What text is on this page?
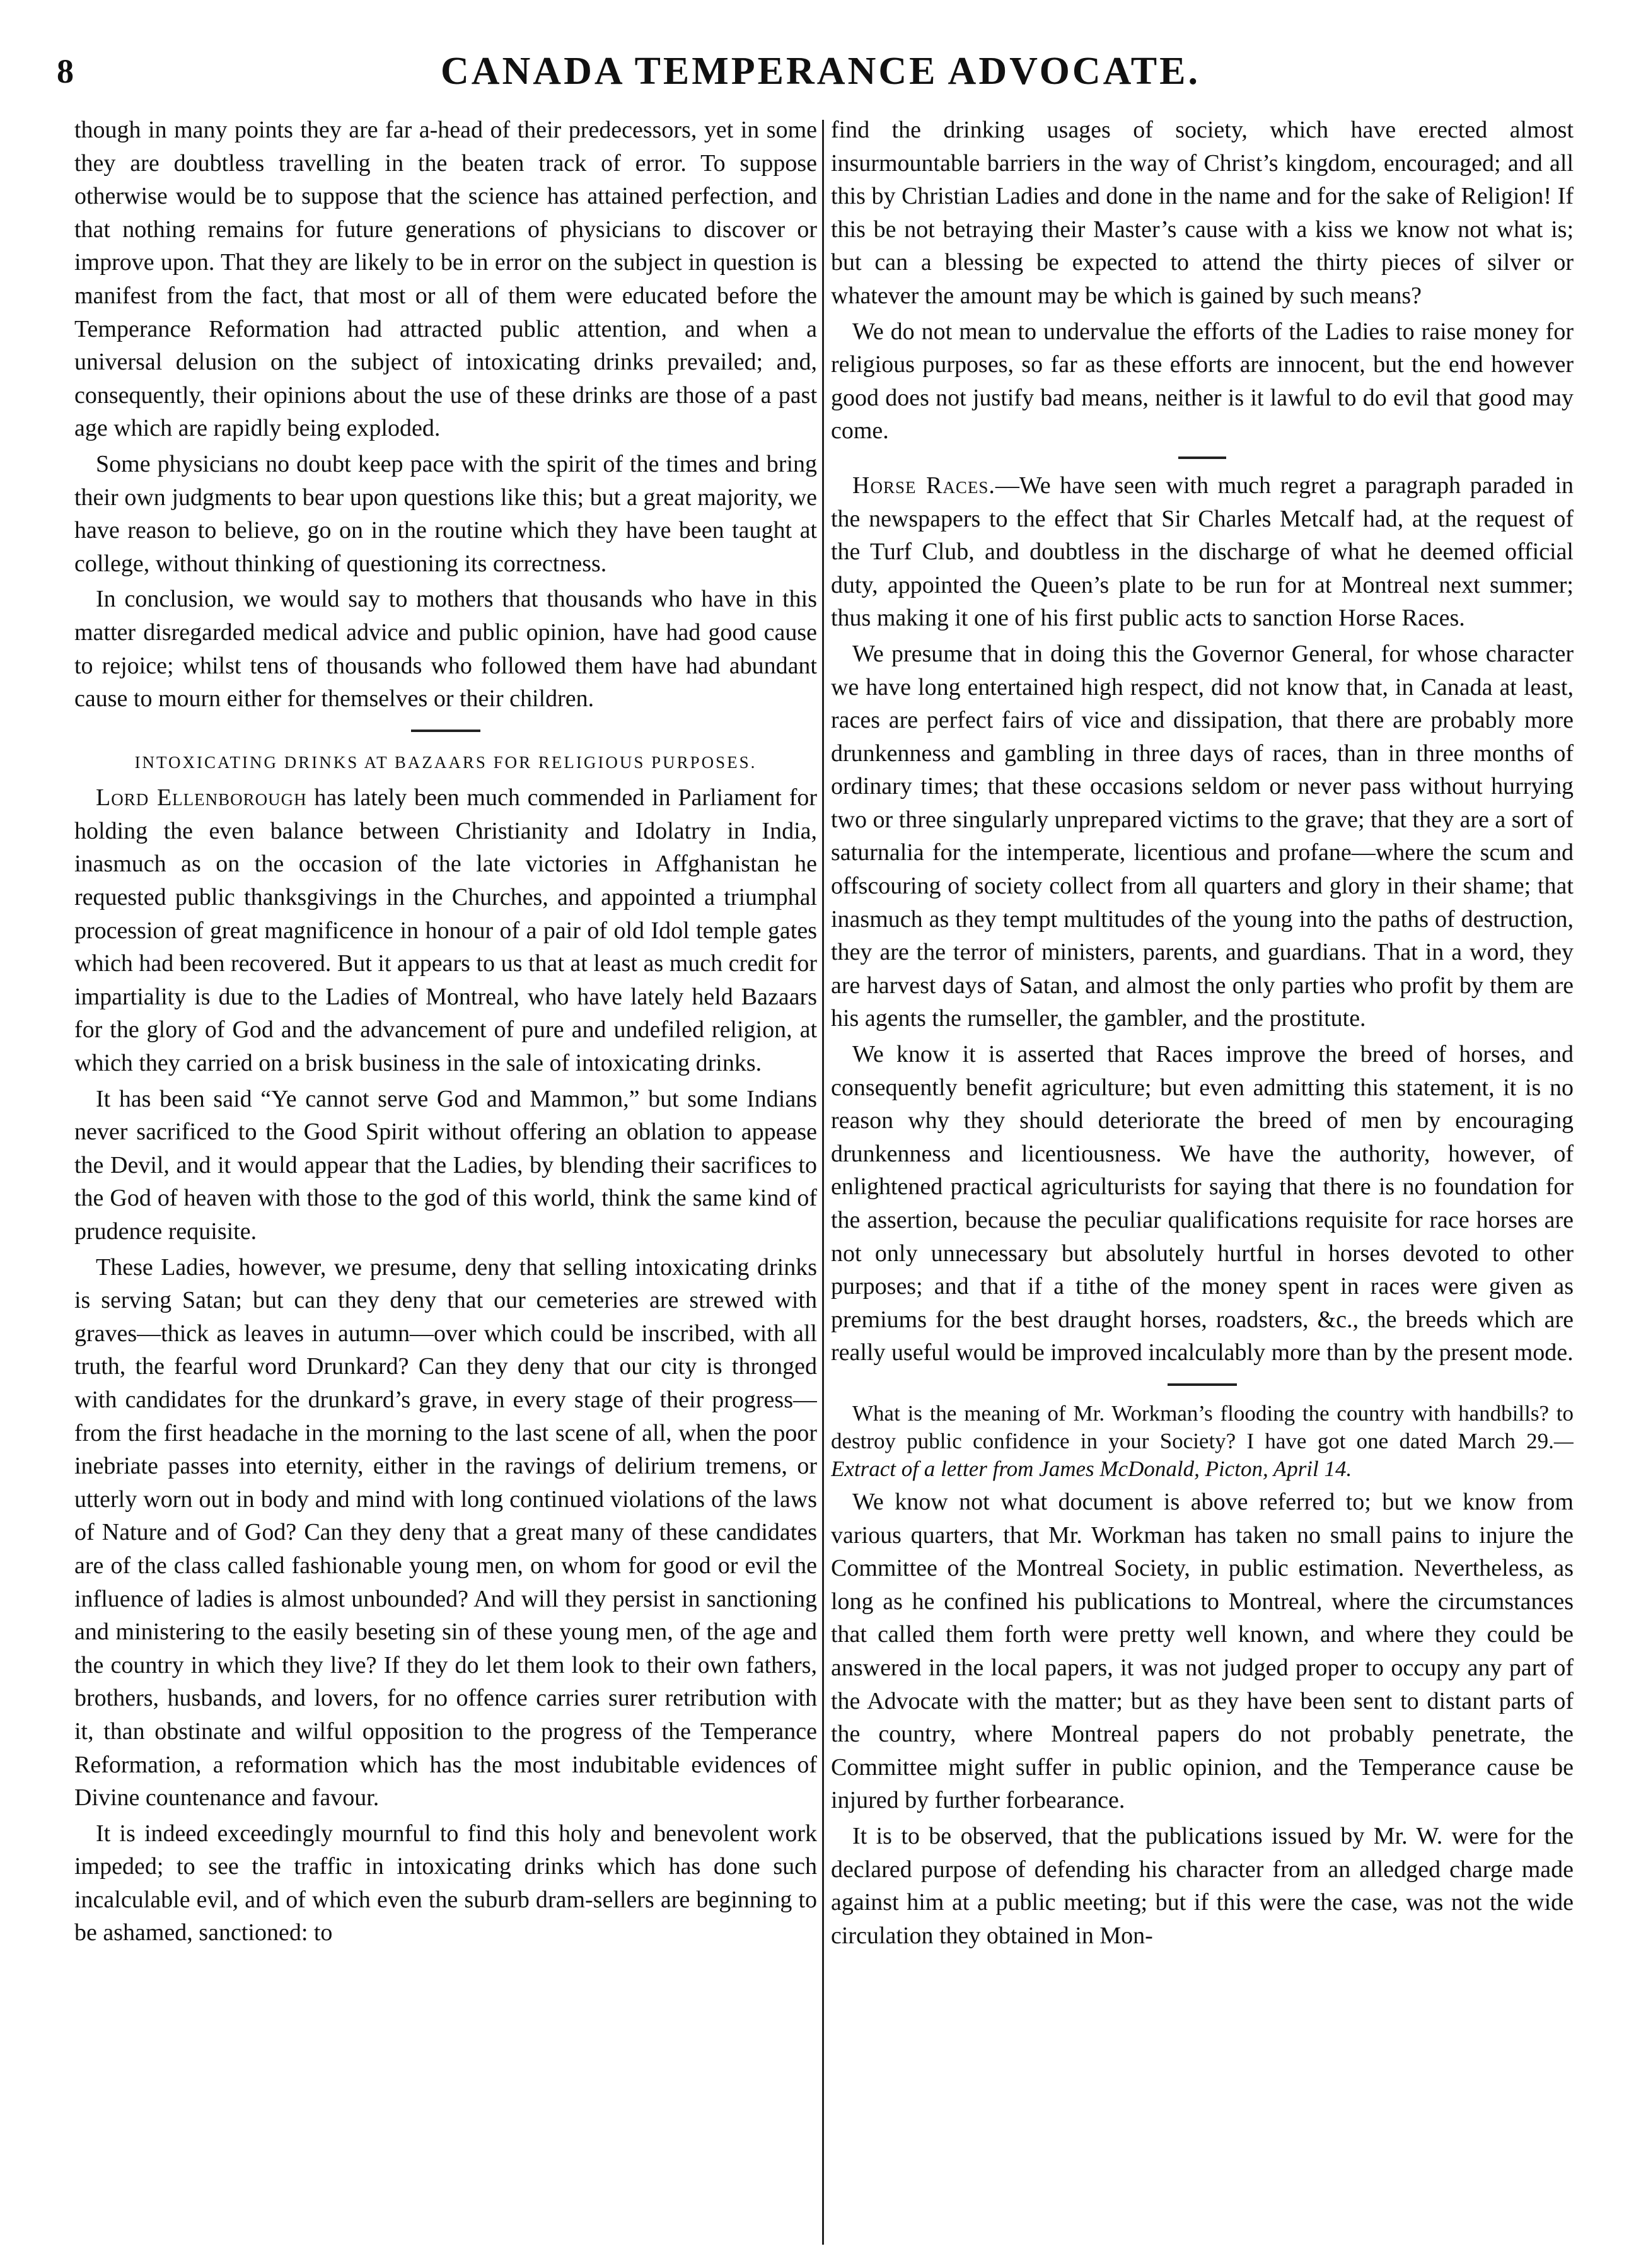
8	CANADA TEMPERANCE ADVOCATE.

though in many points they are far a-head of their predecessors, yet in some they are doubtless travelling in the beaten track of error. To suppose otherwise would be to suppose that the science has attained perfection, and that nothing remains for future generations of physicians to discover or improve upon. That they are likely to be in error on the subject in question is manifest from the fact, that most or all of them were educated before the Temperance Reformation had attracted public attention, and when a universal delusion on the subject of intoxicating drinks prevailed; and, consequently, their opinions about the use of these drinks are those of a past age which are rapidly being exploded.

Some physicians no doubt keep pace with the spirit of the times and bring their own judgments to bear upon questions like this; but a great majority, we have reason to believe, go on in the routine which they have been taught at college, without thinking of questioning its correctness.

In conclusion, we would say to mothers that thousands who have in this matter disregarded medical advice and public opinion, have had good cause to rejoice; whilst tens of thousands who followed them have had abundant cause to mourn either for themselves or their children.

INTOXICATING DRINKS AT BAZAARS FOR RELIGIOUS PURPOSES.

Lord Ellenborough has lately been much commended in Parliament for holding the even balance between Christianity and Idolatry in India, inasmuch as on the occasion of the late victories in Affghanistan he requested public thanksgivings in the Churches, and appointed a triumphal procession of great magnificence in honour of a pair of old Idol temple gates which had been recovered. But it appears to us that at least as much credit for impartiality is due to the Ladies of Montreal, who have lately held Bazaars for the glory of God and the advancement of pure and undefiled religion, at which they carried on a brisk business in the sale of intoxicating drinks.

It has been said “Ye cannot serve God and Mammon,” but some Indians never sacrificed to the Good Spirit without offering an oblation to appease the Devil, and it would appear that the Ladies, by blending their sacrifices to the God of heaven with those to the god of this world, think the same kind of prudence requisite.

These Ladies, however, we presume, deny that selling intoxicating drinks is serving Satan; but can they deny that our cemeteries are strewed with graves—thick as leaves in autumn—over which could be inscribed, with all truth, the fearful word Drunkard? Can they deny that our city is thronged with candidates for the drunkard’s grave, in every stage of their progress—from the first headache in the morning to the last scene of all, when the poor inebriate passes into eternity, either in the ravings of delirium tremens, or utterly worn out in body and mind with long continued violations of the laws of Nature and of God? Can they deny that a great many of these candidates are of the class called fashionable young men, on whom for good or evil the influence of ladies is almost unbounded? And will they persist in sanctioning and ministering to the easily beseting sin of these young men, of the age and the country in which they live? If they do let them look to their own fathers, brothers, husbands, and lovers, for no offence carries surer retribution with it, than obstinate and wilful opposition to the progress of the Temperance Reformation, a reformation which has the most indubitable evidences of Divine countenance and favour.

It is indeed exceedingly mournful to find this holy and benevolent work impeded; to see the traffic in intoxicating drinks which has done such incalculable evil, and of which even the suburb dram-sellers are beginning to be ashamed, sanctioned: to

find the drinking usages of society, which have erected almost insurmountable barriers in the way of Christ’s kingdom, encouraged; and all this by Christian Ladies and done in the name and for the sake of Religion! If this be not betraying their Master’s cause with a kiss we know not what is; but can a blessing be expected to attend the thirty pieces of silver or whatever the amount may be which is gained by such means?

We do not mean to undervalue the efforts of the Ladies to raise money for religious purposes, so far as these efforts are innocent, but the end however good does not justify bad means, neither is it lawful to do evil that good may come.

Horse Races.—We have seen with much regret a paragraph paraded in the newspapers to the effect that Sir Charles Metcalf had, at the request of the Turf Club, and doubtless in the discharge of what he deemed official duty, appointed the Queen’s plate to be run for at Montreal next summer; thus making it one of his first public acts to sanction Horse Races.

We presume that in doing this the Governor General, for whose character we have long entertained high respect, did not know that, in Canada at least, races are perfect fairs of vice and dissipation, that there are probably more drunkenness and gambling in three days of races, than in three months of ordinary times; that these occasions seldom or never pass without hurrying two or three singularly unprepared victims to the grave; that they are a sort of saturnalia for the intemperate, licentious and profane—where the scum and offscouring of society collect from all quarters and glory in their shame; that inasmuch as they tempt multitudes of the young into the paths of destruction, they are the terror of ministers, parents, and guardians. That in a word, they are harvest days of Satan, and almost the only parties who profit by them are his agents the rumseller, the gambler, and the prostitute.

We know it is asserted that Races improve the breed of horses, and consequently benefit agriculture; but even admitting this statement, it is no reason why they should deteriorate the breed of men by encouraging drunkenness and licentiousness. We have the authority, however, of enlightened practical agriculturists for saying that there is no foundation for the assertion, because the peculiar qualifications requisite for race horses are not only unnecessary but absolutely hurtful in horses devoted to other purposes; and that if a tithe of the money spent in races were given as premiums for the best draught horses, roadsters, &c., the breeds which are really useful would be improved incalculably more than by the present mode.

What is the meaning of Mr. Workman’s flooding the country with handbills? to destroy public confidence in your Society? I have got one dated March 29.—Extract of a letter from James McDonald, Picton, April 14.

We know not what document is above referred to; but we know from various quarters, that Mr. Workman has taken no small pains to injure the Committee of the Montreal Society, in public estimation. Nevertheless, as long as he confined his publications to Montreal, where the circumstances that called them forth were pretty well known, and where they could be answered in the local papers, it was not judged proper to occupy any part of the Advocate with the matter; but as they have been sent to distant parts of the country, where Montreal papers do not probably penetrate, the Committee might suffer in public opinion, and the Temperance cause be injured by further forbearance.

It is to be observed, that the publications issued by Mr. W. were for the declared purpose of defending his character from an alledged charge made against him at a public meeting; but if this were the case, was not the wide circulation they obtained in Mon-
